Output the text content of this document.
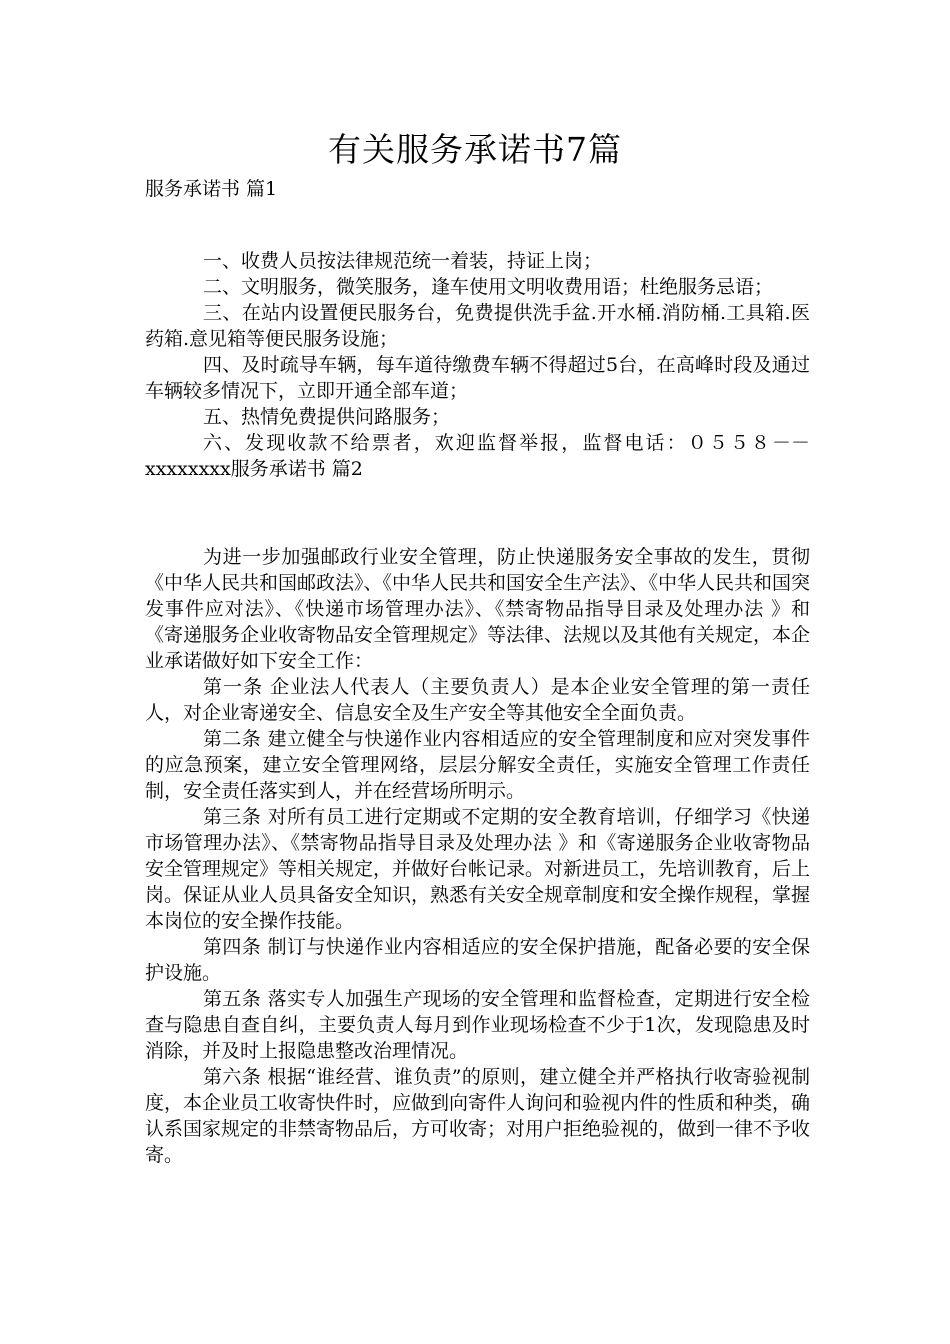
有关服务承诺书7篇
服务承诺书 篇1

一、收费人员按法律规范统一着装，持证上岗；

二、文明服务，微笑服务，逢车使用文明收费用语；杜绝服务忌语；

三、在站内设置便民服务台，免费提供洗手盆.开水桶.消防桶.工具箱.医药箱.意见箱等便民服务设施；

四、及时疏导车辆，每车道待缴费车辆不得超过5台，在高峰时段及通过车辆较多情况下，立即开通全部车道；

五、热情免费提供问路服务；

六、发现收款不给票者，欢迎监督举报，监督电话：０５５８－－xxxxxxxx服务承诺书 篇2

为进一步加强邮政行业安全管理，防止快递服务安全事故的发生，贯彻《中华人民共和国邮政法》、《中华人民共和国安全生产法》、《中华人民共和国突发事件应对法》、《快递市场管理办法》、《禁寄物品指导目录及处理办法 》和《寄递服务企业收寄物品安全管理规定》等法律、法规以及其他有关规定，本企业承诺做好如下安全工作：

第一条 企业法人代表人（主要负责人）是本企业安全管理的第一责任人，对企业寄递安全、信息安全及生产安全等其他安全全面负责。

第二条 建立健全与快递作业内容相适应的安全管理制度和应对突发事件的应急预案，建立安全管理网络，层层分解安全责任，实施安全管理工作责任制，安全责任落实到人，并在经营场所明示。

第三条 对所有员工进行定期或不定期的安全教育培训，仔细学习《快递市场管理办法》、《禁寄物品指导目录及处理办法 》和《寄递服务企业收寄物品安全管理规定》等相关规定，并做好台帐记录。对新进员工，先培训教育，后上岗。保证从业人员具备安全知识，熟悉有关安全规章制度和安全操作规程，掌握本岗位的安全操作技能。

第四条 制订与快递作业内容相适应的安全保护措施，配备必要的安全保护设施。

第五条 落实专人加强生产现场的安全管理和监督检查，定期进行安全检查与隐患自查自纠，主要负责人每月到作业现场检查不少于1次，发现隐患及时消除，并及时上报隐患整改治理情况。

第六条 根据“谁经营、谁负责”的原则，建立健全并严格执行收寄验视制度，本企业员工收寄快件时，应做到向寄件人询问和验视内件的性质和种类，确认系国家规定的非禁寄物品后，方可收寄；对用户拒绝验视的，做到一律不予收寄。
